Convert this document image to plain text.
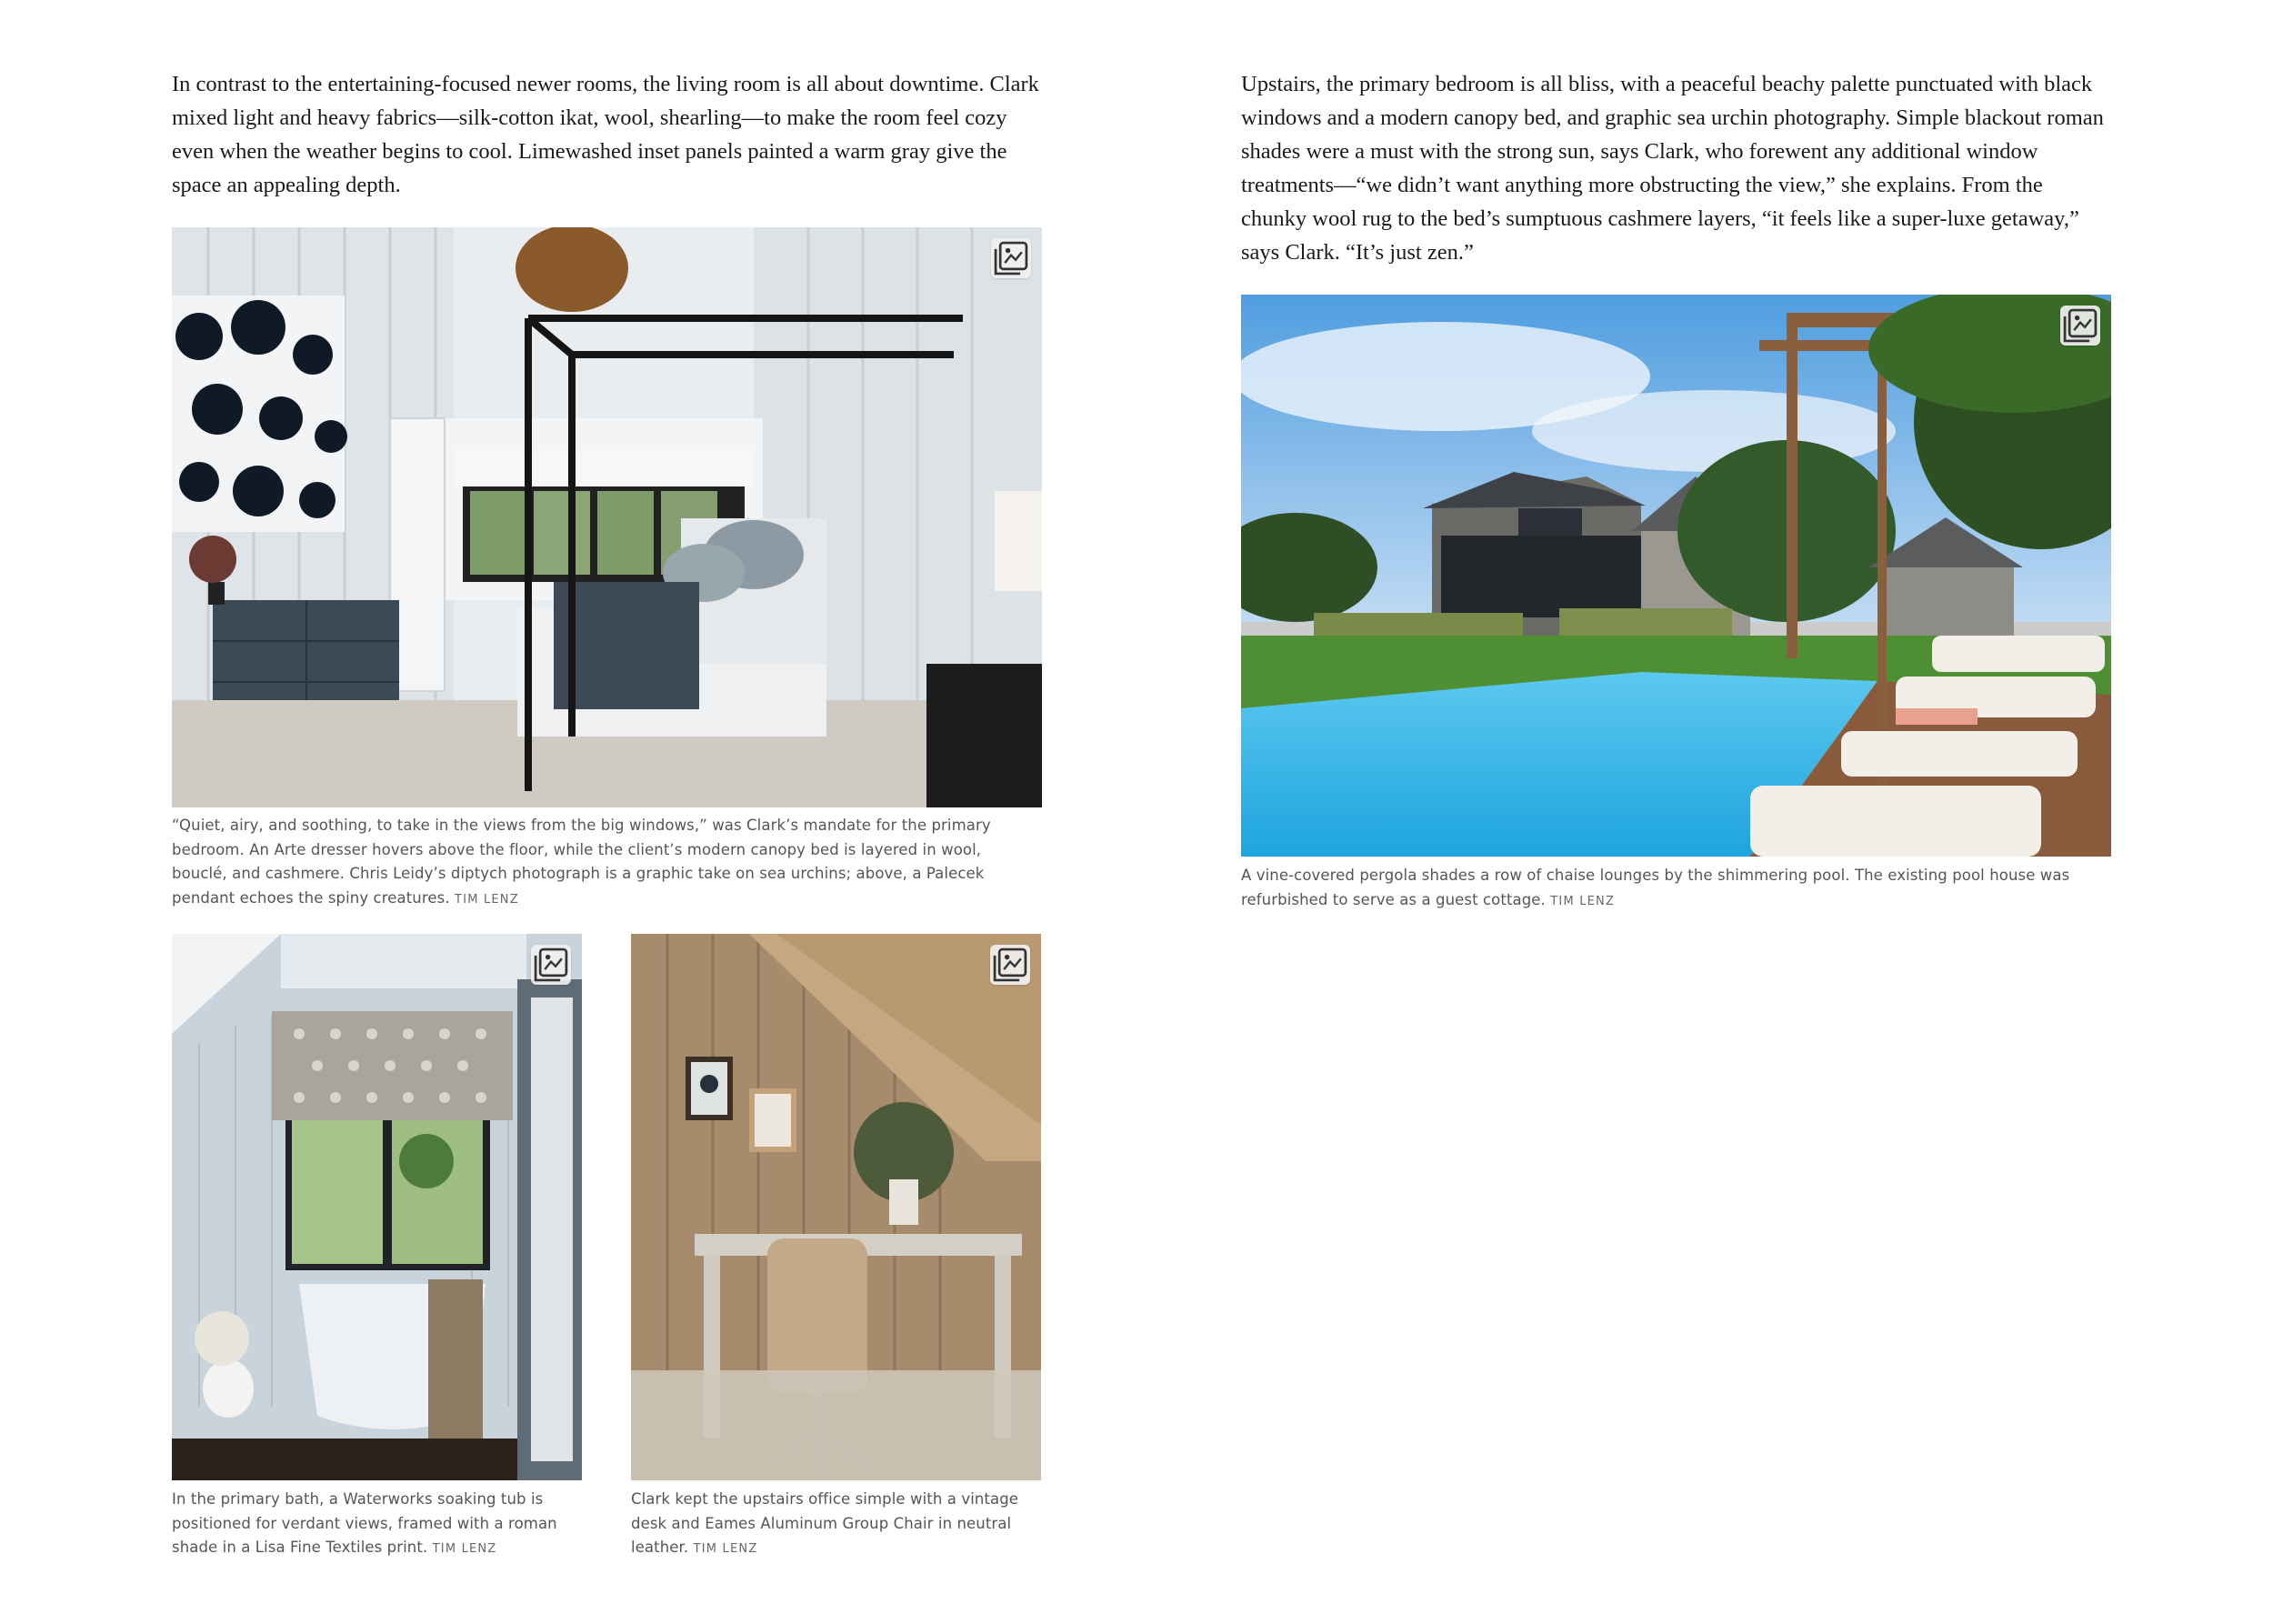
In contrast to the entertaining-focused newer rooms, the living room is all about downtime. Clark mixed light and heavy fabrics—silk-cotton ikat, wool, shearling—to make the room feel cozy even when the weather begins to cool. Limewashed inset panels painted a warm gray give the space an appealing depth.

“Quiet, airy, and soothing, to take in the views from the big windows,” was Clark’s mandate for the primary bedroom. An Arte dresser hovers above the floor, while the client’s modern canopy bed is layered in wool, bouclé, and cashmere. Chris Leidy’s diptych photograph is a graphic take on sea urchins; above, a Palecek pendant echoes the spiny creatures. TIM LENZ

In the primary bath, a Waterworks soaking tub is positioned for verdant views, framed with a roman shade in a Lisa Fine Textiles print. TIM LENZ

Clark kept the upstairs office simple with a vintage desk and Eames Aluminum Group Chair in neutral leather. TIM LENZ

Upstairs, the primary bedroom is all bliss, with a peaceful beachy palette punctuated with black windows and a modern canopy bed, and graphic sea urchin photography. Simple blackout roman shades were a must with the strong sun, says Clark, who forewent any additional window treatments—“we didn’t want anything more obstructing the view,” she explains. From the chunky wool rug to the bed’s sumptuous cashmere layers, “it feels like a super-luxe getaway,” says Clark. “It’s just zen.”

A vine-covered pergola shades a row of chaise lounges by the shimmering pool. The existing pool house was refurbished to serve as a guest cottage. TIM LENZ
